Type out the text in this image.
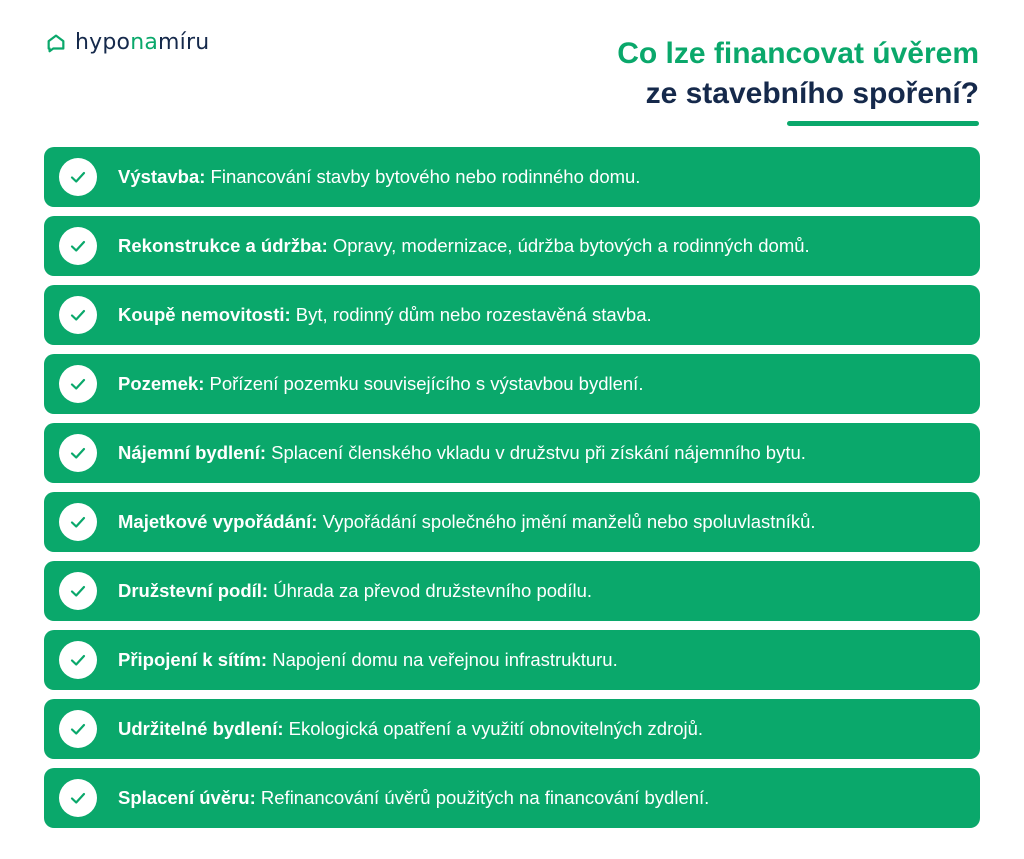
hyponamíru	Co lze financovat úvěrem
ze stavebního spoření?
Výstavba: Financování stavby bytového nebo rodinného domu.
Rekonstrukce a údržba: Opravy, modernizace, údržba bytových a rodinných domů.
Koupě nemovitosti: Byt, rodinný dům nebo rozestavěná stavba.
Pozemek: Pořízení pozemku souvisejícího s výstavbou bydlení.
Nájemní bydlení: Splacení členského vkladu v družstvu při získání nájemního bytu.
Majetkové vypořádání: Vypořádání společného jmění manželů nebo spoluvlastníků.
Družstevní podíl: Úhrada za převod družstevního podílu.
Připojení k sítím: Napojení domu na veřejnou infrastrukturu.
Udržitelné bydlení: Ekologická opatření a využití obnovitelných zdrojů.
Splacení úvěru: Refinancování úvěrů použitých na financování bydlení.
